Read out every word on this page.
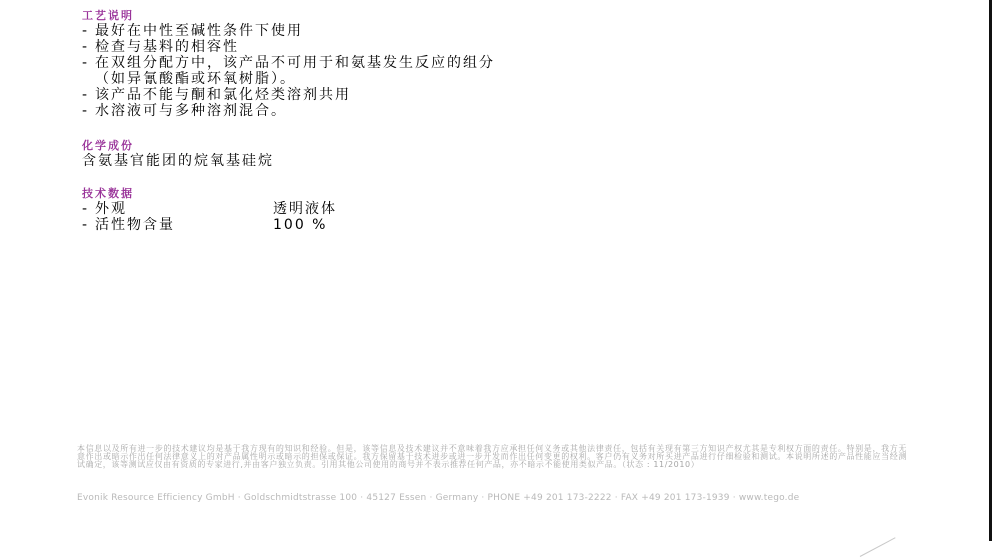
工艺说明
- 最好在中性至碱性条件下使用
- 检查与基料的相容性
- 在双组分配方中，该产品不可用于和氨基发生反应的组分
（如异氰酸酯或环氧树脂）。
- 该产品不能与酮和氯化烃类溶剂共用
- 水溶液可与多种溶剂混合。
化学成份
含氨基官能团的烷氧基硅烷
技术数据
- 外观	透明液体
- 活性物含量	100 %
本信息以及所有进一步的技术建议均是基于我方现有的知识和经验。但是，该等信息及技术建议并不意味着我方应承担任何义务或其他法律责任，包括有关现有第三方知识产权尤其是专利权方面的责任。特别是，我方无意作出或暗示作出任何法律意义上的对产品属性明示或暗示的担保或保证。我方保留基于技术进步或进一步开发而作出任何变更的权利。客户仍有义务对所买进产品进行仔细检验和测试。本说明所述的产品性能应当经测试确定，该等测试应仅由有资质的专家进行,并由客户独立负责。引用其他公司使用的商号并不表示推荐任何产品，亦不暗示不能使用类似产品。（状态 : 11/2010）
Evonik Resource Efficiency GmbH · Goldschmidtstrasse 100 · 45127 Essen · Germany · PHONE +49 201 173-2222 · FAX +49 201 173-1939 · www.tego.de
